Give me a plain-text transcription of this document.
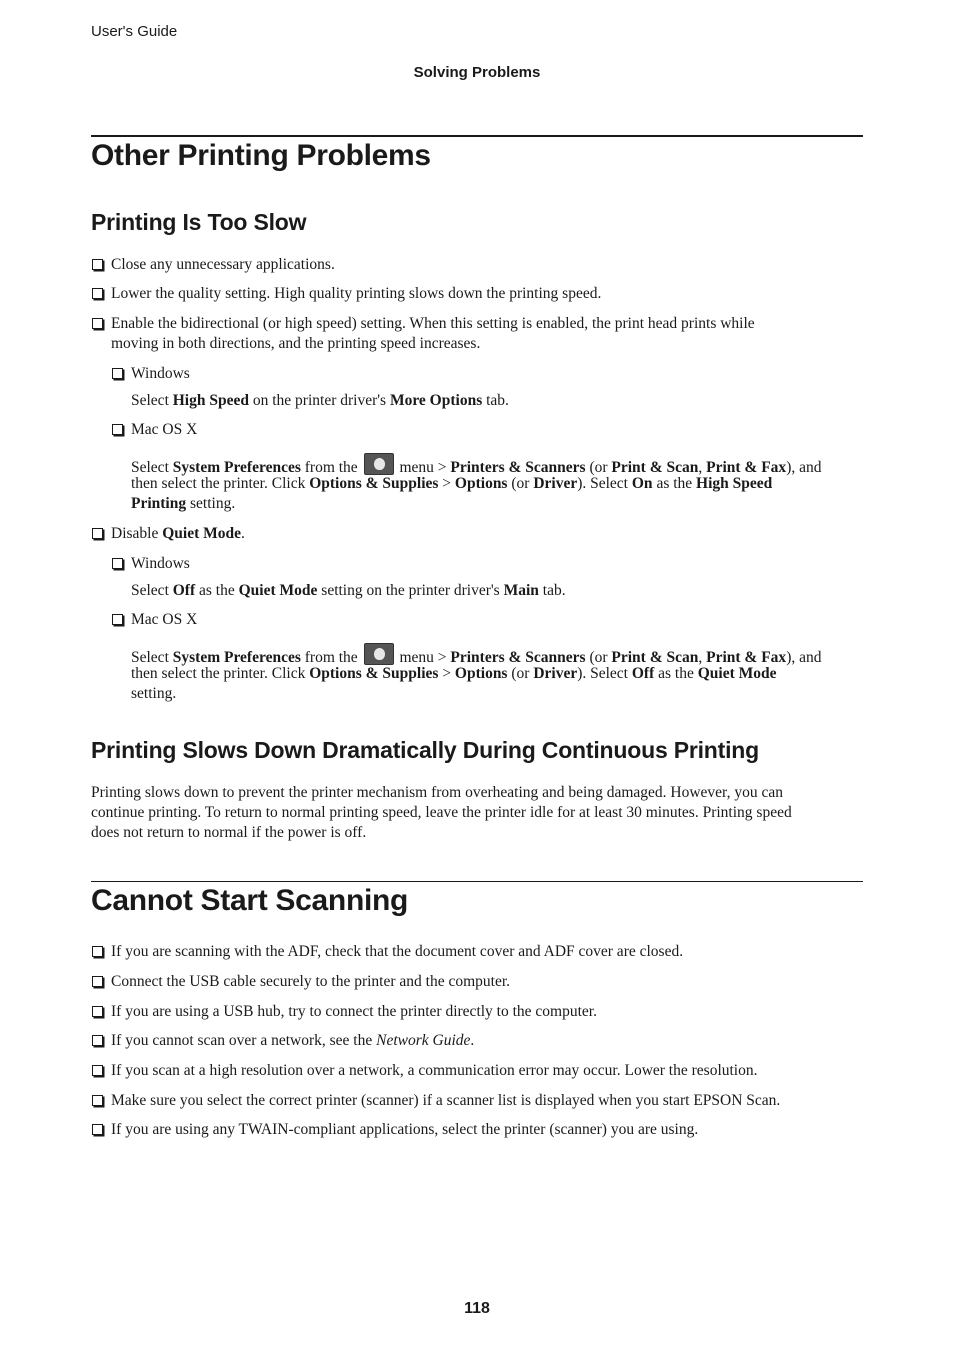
User's Guide
Solving Problems
Other Printing Problems
Printing Is Too Slow
Close any unnecessary applications.
Lower the quality setting. High quality printing slows down the printing speed.
Enable the bidirectional (or high speed) setting. When this setting is enabled, the print head prints while
moving in both directions, and the printing speed increases.
Windows
Select High Speed on the printer driver's More Options tab.
Mac OS X
Select System Preferences from the  menu > Printers & Scanners (or Print & Scan, Print & Fax), and
then select the printer. Click Options & Supplies > Options (or Driver). Select On as the High Speed
Printing setting.
Disable Quiet Mode.
Windows
Select Off as the Quiet Mode setting on the printer driver's Main tab.
Mac OS X
Select System Preferences from the  menu > Printers & Scanners (or Print & Scan, Print & Fax), and
then select the printer. Click Options & Supplies > Options (or Driver). Select Off as the Quiet Mode
setting.
Printing Slows Down Dramatically During Continuous Printing
Printing slows down to prevent the printer mechanism from overheating and being damaged. However, you can
continue printing. To return to normal printing speed, leave the printer idle for at least 30 minutes. Printing speed
does not return to normal if the power is off.
Cannot Start Scanning
If you are scanning with the ADF, check that the document cover and ADF cover are closed.
Connect the USB cable securely to the printer and the computer.
If you are using a USB hub, try to connect the printer directly to the computer.
If you cannot scan over a network, see the Network Guide.
If you scan at a high resolution over a network, a communication error may occur. Lower the resolution.
Make sure you select the correct printer (scanner) if a scanner list is displayed when you start EPSON Scan.
If you are using any TWAIN-compliant applications, select the printer (scanner) you are using.
118
